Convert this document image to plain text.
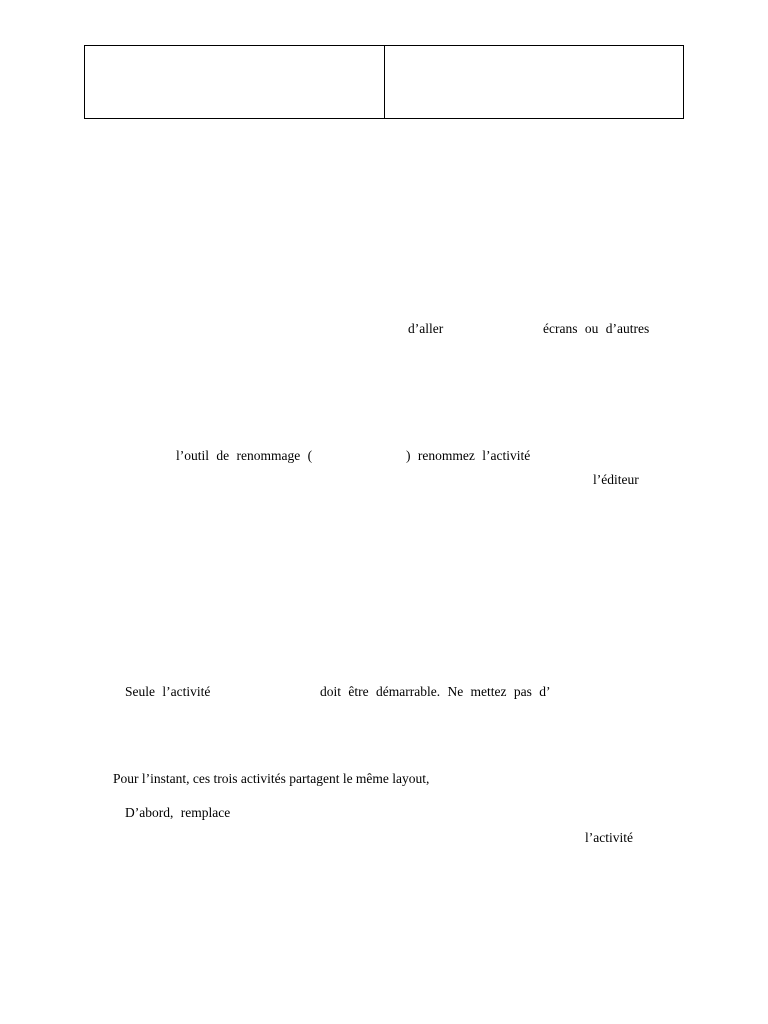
d’aller	écrans ou d’autres
l’outil de renommage (	) renommez l’activité
l’éditeur
Seule l’activité	doit être démarrable. Ne mettez pas d’
Pour l’instant, ces trois activités partagent le même layout,
D’abord, remplace
l’activité
